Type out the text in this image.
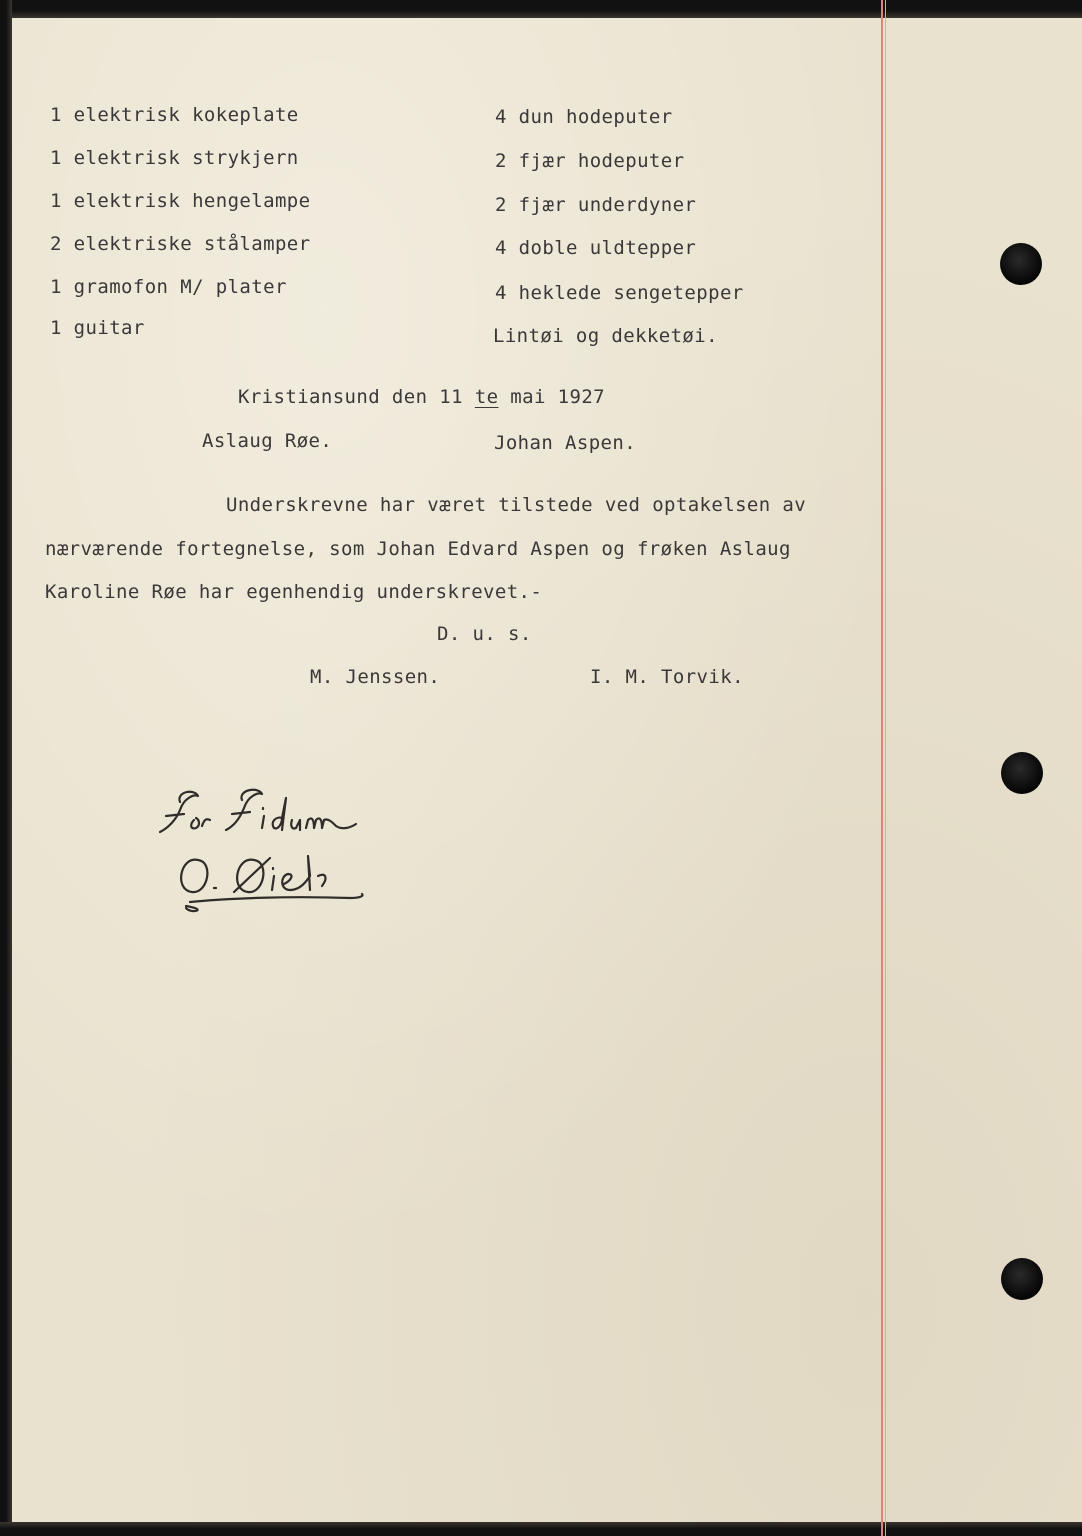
1 elektrisk kokeplate
1 elektrisk strykjern
1 elektrisk hengelampe
2 elektriske stålamper
1 gramofon M/ plater
1 guitar
4 dun hodeputer
2 fjær hodeputer
2 fjær underdyner
4 doble uldtepper
4 heklede sengetepper
Lintøi og dekketøi.
Kristiansund den 11 te mai 1927
Aslaug Røe.	Johan Aspen.
Underskrevne har været tilstede ved optakelsen av
nærværende fortegnelse, som Johan Edvard Aspen og frøken Aslaug
Karoline Røe har egenhendig underskrevet.-
D. u. s.
M. Jenssen.	I. M. Torvik.
